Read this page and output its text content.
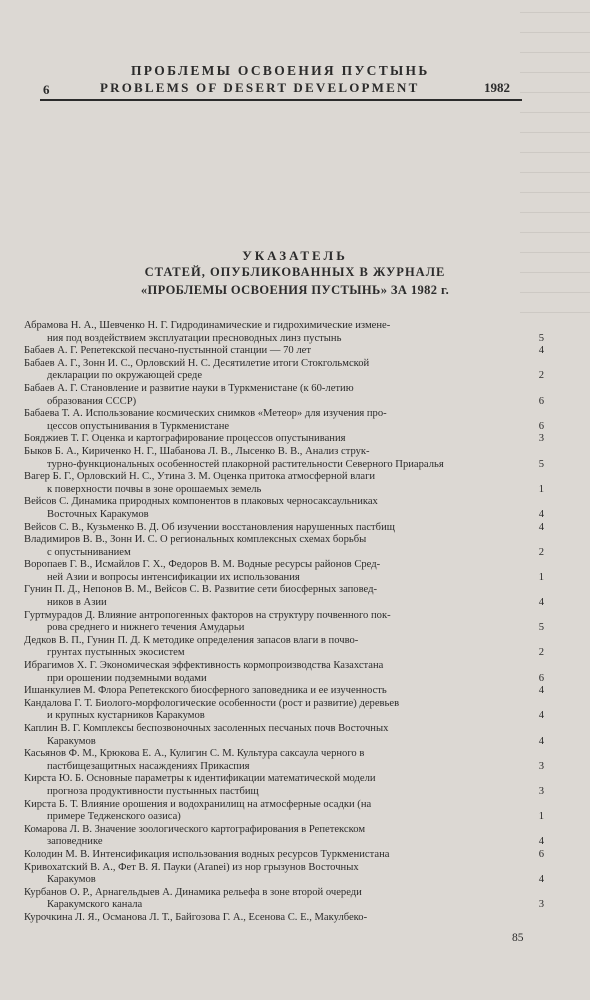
ПРОБЛЕМЫ ОСВОЕНИЯ ПУСТЫНЬ
6	PROBLEMS OF DESERT DEVELOPMENT	1982
УКАЗАТЕЛЬ
СТАТЕЙ, ОПУБЛИКОВАННЫХ В ЖУРНАЛЕ
«ПРОБЛЕМЫ ОСВОЕНИЯ ПУСТЫНЬ» ЗА 1982 г.
Абрамова Н. А., Шевченко Н. Г. Гидродинамические и гидрохимические измене-
ния под воздействием эксплуатации пресноводных линз пустынь	5
Бабаев А. Г. Репетекской песчано-пустынной станции — 70 лет	4
Бабаев А. Г., Зонн И. С., Орловский Н. С. Десятилетие итоги Стокгольмской
декларации по окружающей среде	2
Бабаев А. Г. Становление и развитие науки в Туркменистане (к 60-летию
образования СССР)	6
Бабаева Т. А. Использование космических снимков «Метеор» для изучения про-
цессов опустынивания в Туркменистане	6
Бояджиев Т. Г. Оценка и картографирование процессов опустынивания	3
Быков Б. А., Кириченко Н. Г., Шабанова Л. В., Лысенко В. В., Анализ струк-
турно-функциональных особенностей плакорной растительности Северного Приаралья	5
Вагер Б. Г., Орловский Н. С., Утина З. М. Оценка притока атмосферной влаги
к поверхности почвы в зоне орошаемых земель	1
Вейсов С. Динамика природных компонентов в плаковых черносаксаульниках
Восточных Каракумов	4
Вейсов С. В., Кузьменко В. Д. Об изучении восстановления нарушенных пастбищ	4
Владимиров В. В., Зонн И. С. О региональных комплексных схемах борьбы
с опустыниванием	2
Воропаев Г. В., Исмайлов Г. Х., Федоров В. М. Водные ресурсы районов Сред-
ней Азии и вопросы интенсификации их использования	1
Гунин П. Д., Непонов В. М., Вейсов С. В. Развитие сети биосферных заповед-
ников в Азии	4
Гуртмурадов Д. Влияние антропогенных факторов на структуру почвенного пок-
рова среднего и нижнего течения Амударьи	5
Дедков В. П., Гунин П. Д. К методике определения запасов влаги в почво-
грунтах пустынных экосистем	2
Ибрагимов Х. Г. Экономическая эффективность кормопроизводства Казахстана
при орошении подземными водами	6
Ишанкулиев М. Флора Репетекского биосферного заповедника и ее изученность	4
Кандалова Г. Т. Биолого-морфологические особенности (рост и развитие) деревьев
и крупных кустарников Каракумов	4
Каплин В. Г. Комплексы беспозвоночных засоленных песчаных почв Восточных
Каракумов	4
Касьянов Ф. М., Крюкова Е. А., Кулигин С. М. Культура саксаула черного в
пастбищезащитных насаждениях Прикаспия	3
Кирста Ю. Б. Основные параметры к идентификации математической модели
прогноза продуктивности пустынных пастбищ	3
Кирста Б. Т. Влияние орошения и водохранилищ на атмосферные осадки (на
примере Тедженского оазиса)	1
Комарова Л. В. Значение зоологического картографирования в Репетекском
заповеднике	4
Колодин М. В. Интенсификация использования водных ресурсов Туркменистана	6
Кривохатский В. А., Фет В. Я. Пауки (Araneі) из нор грызунов Восточных
Каракумов	4
Курбанов О. Р., Арнагельдыев А. Динамика рельефа в зоне второй очереди
Каракумского канала	3
Курочкина Л. Я., Османова Л. Т., Байгозова Г. А., Есенова С. Е., Макулбеко-
85
